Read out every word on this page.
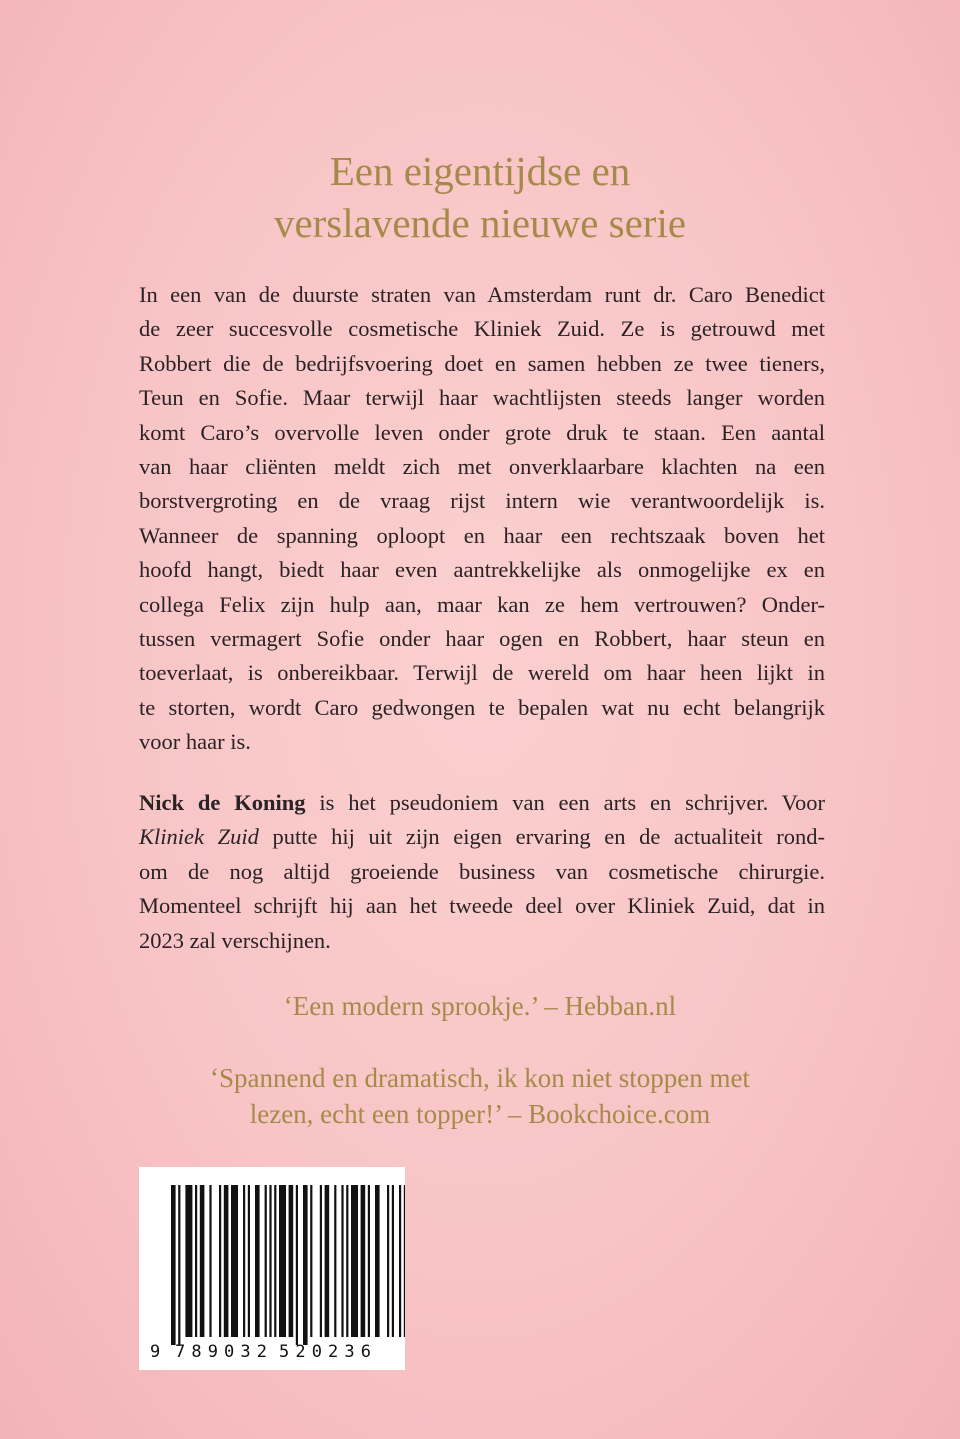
Een eigentijdse en
verslavende nieuwe serie
In een van de duurste straten van Amsterdam runt dr. Caro Benedict
de zeer succesvolle cosmetische Kliniek Zuid. Ze is getrouwd met
Robbert die de bedrijfsvoering doet en samen hebben ze twee tieners,
Teun en Sofie. Maar terwijl haar wachtlijsten steeds langer worden
komt Caro’s overvolle leven onder grote druk te staan. Een aantal
van haar cliënten meldt zich met onverklaarbare klachten na een
borstvergroting en de vraag rijst intern wie verantwoordelijk is.
Wanneer de spanning oploopt en haar een rechtszaak boven het
hoofd hangt, biedt haar even aantrekkelijke als onmogelijke ex en
collega Felix zijn hulp aan, maar kan ze hem vertrouwen? Onder-
tussen vermagert Sofie onder haar ogen en Robbert, haar steun en
toeverlaat, is onbereikbaar. Terwijl de wereld om haar heen lijkt in
te storten, wordt Caro gedwongen te bepalen wat nu echt belangrijk
voor haar is.
Nick de Koning is het pseudoniem van een arts en schrijver. Voor
Kliniek Zuid putte hij uit zijn eigen ervaring en de actualiteit rond-
om de nog altijd groeiende business van cosmetische chirurgie.
Momenteel schrijft hij aan het tweede deel over Kliniek Zuid, dat in
2023 zal verschijnen.
‘Een modern sprookje.’ – Hebban.nl
‘Spannend en dramatisch, ik kon niet stoppen met
lezen, echt een topper!’ – Bookchoice.com
9 789032 520236
